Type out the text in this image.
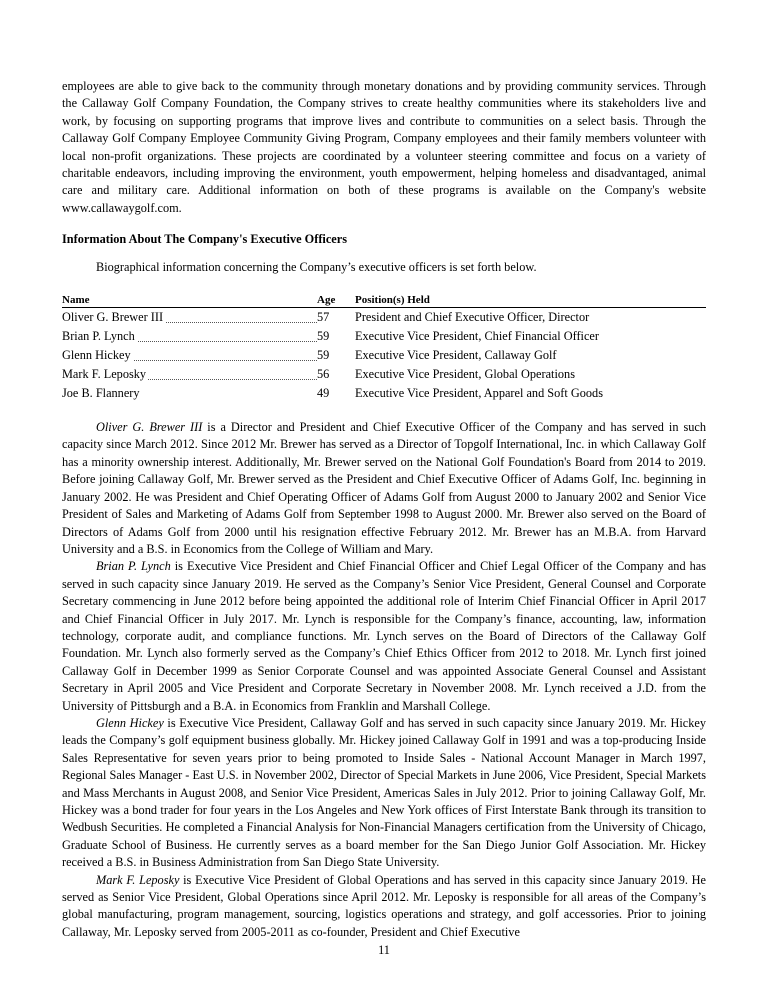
employees are able to give back to the community through monetary donations and by providing community services. Through the Callaway Golf Company Foundation, the Company strives to create healthy communities where its stakeholders live and work, by focusing on supporting programs that improve lives and contribute to communities on a select basis. Through the Callaway Golf Company Employee Community Giving Program, Company employees and their family members volunteer with local non-profit organizations. These projects are coordinated by a volunteer steering committee and focus on a variety of charitable endeavors, including improving the environment, youth empowerment, helping homeless and disadvantaged, animal care and military care. Additional information on both of these programs is available on the Company's website www.callawaygolf.com.

Information About The Company's Executive Officers

Biographical information concerning the Company’s executive officers is set forth below.

Name	Age	Position(s) Held

Oliver G. Brewer III	57	President and Chief Executive Officer, Director

Brian P. Lynch	59	Executive Vice President, Chief Financial Officer

Glenn Hickey	59	Executive Vice President, Callaway Golf

Mark F. Leposky	56	Executive Vice President, Global Operations
Joe B. Flannery	49	Executive Vice President, Apparel and Soft Goods

Oliver G. Brewer III is a Director and President and Chief Executive Officer of the Company and has served in such capacity since March 2012. Since 2012 Mr. Brewer has served as a Director of Topgolf International, Inc. in which Callaway Golf has a minority ownership interest. Additionally, Mr. Brewer served on the National Golf Foundation's Board from 2014 to 2019. Before joining Callaway Golf, Mr. Brewer served as the President and Chief Executive Officer of Adams Golf, Inc. beginning in January 2002. He was President and Chief Operating Officer of Adams Golf from August 2000 to January 2002 and Senior Vice President of Sales and Marketing of Adams Golf from September 1998 to August 2000. Mr. Brewer also served on the Board of Directors of Adams Golf from 2000 until his resignation effective February 2012. Mr. Brewer has an M.B.A. from Harvard University and a B.S. in Economics from the College of William and Mary.

Brian P. Lynch is Executive Vice President and Chief Financial Officer and Chief Legal Officer of the Company and has served in such capacity since January 2019. He served as the Company’s Senior Vice President, General Counsel and Corporate Secretary commencing in June 2012 before being appointed the additional role of Interim Chief Financial Officer in April 2017 and Chief Financial Officer in July 2017. Mr. Lynch is responsible for the Company’s finance, accounting, law, information technology, corporate audit, and compliance functions. Mr. Lynch serves on the Board of Directors of the Callaway Golf Foundation. Mr. Lynch also formerly served as the Company’s Chief Ethics Officer from 2012 to 2018. Mr. Lynch first joined Callaway Golf in December 1999 as Senior Corporate Counsel and was appointed Associate General Counsel and Assistant Secretary in April 2005 and Vice President and Corporate Secretary in November 2008. Mr. Lynch received a J.D. from the University of Pittsburgh and a B.A. in Economics from Franklin and Marshall College.

Glenn Hickey is Executive Vice President, Callaway Golf and has served in such capacity since January 2019. Mr. Hickey leads the Company’s golf equipment business globally. Mr. Hickey joined Callaway Golf in 1991 and was a top-producing Inside Sales Representative for seven years prior to being promoted to Inside Sales - National Account Manager in March 1997, Regional Sales Manager - East U.S. in November 2002, Director of Special Markets in June 2006, Vice President, Special Markets and Mass Merchants in August 2008, and Senior Vice President, Americas Sales in July 2012. Prior to joining Callaway Golf, Mr. Hickey was a bond trader for four years in the Los Angeles and New York offices of First Interstate Bank through its transition to Wedbush Securities. He completed a Financial Analysis for Non-Financial Managers certification from the University of Chicago, Graduate School of Business. He currently serves as a board member for the San Diego Junior Golf Association. Mr. Hickey received a B.S. in Business Administration from San Diego State University.

Mark F. Leposky is Executive Vice President of Global Operations and has served in this capacity since January 2019. He served as Senior Vice President, Global Operations since April 2012. Mr. Leposky is responsible for all areas of the Company’s global manufacturing, program management, sourcing, logistics operations and strategy, and golf accessories. Prior to joining Callaway, Mr. Leposky served from 2005-2011 as co-founder, President and Chief Executive

11
